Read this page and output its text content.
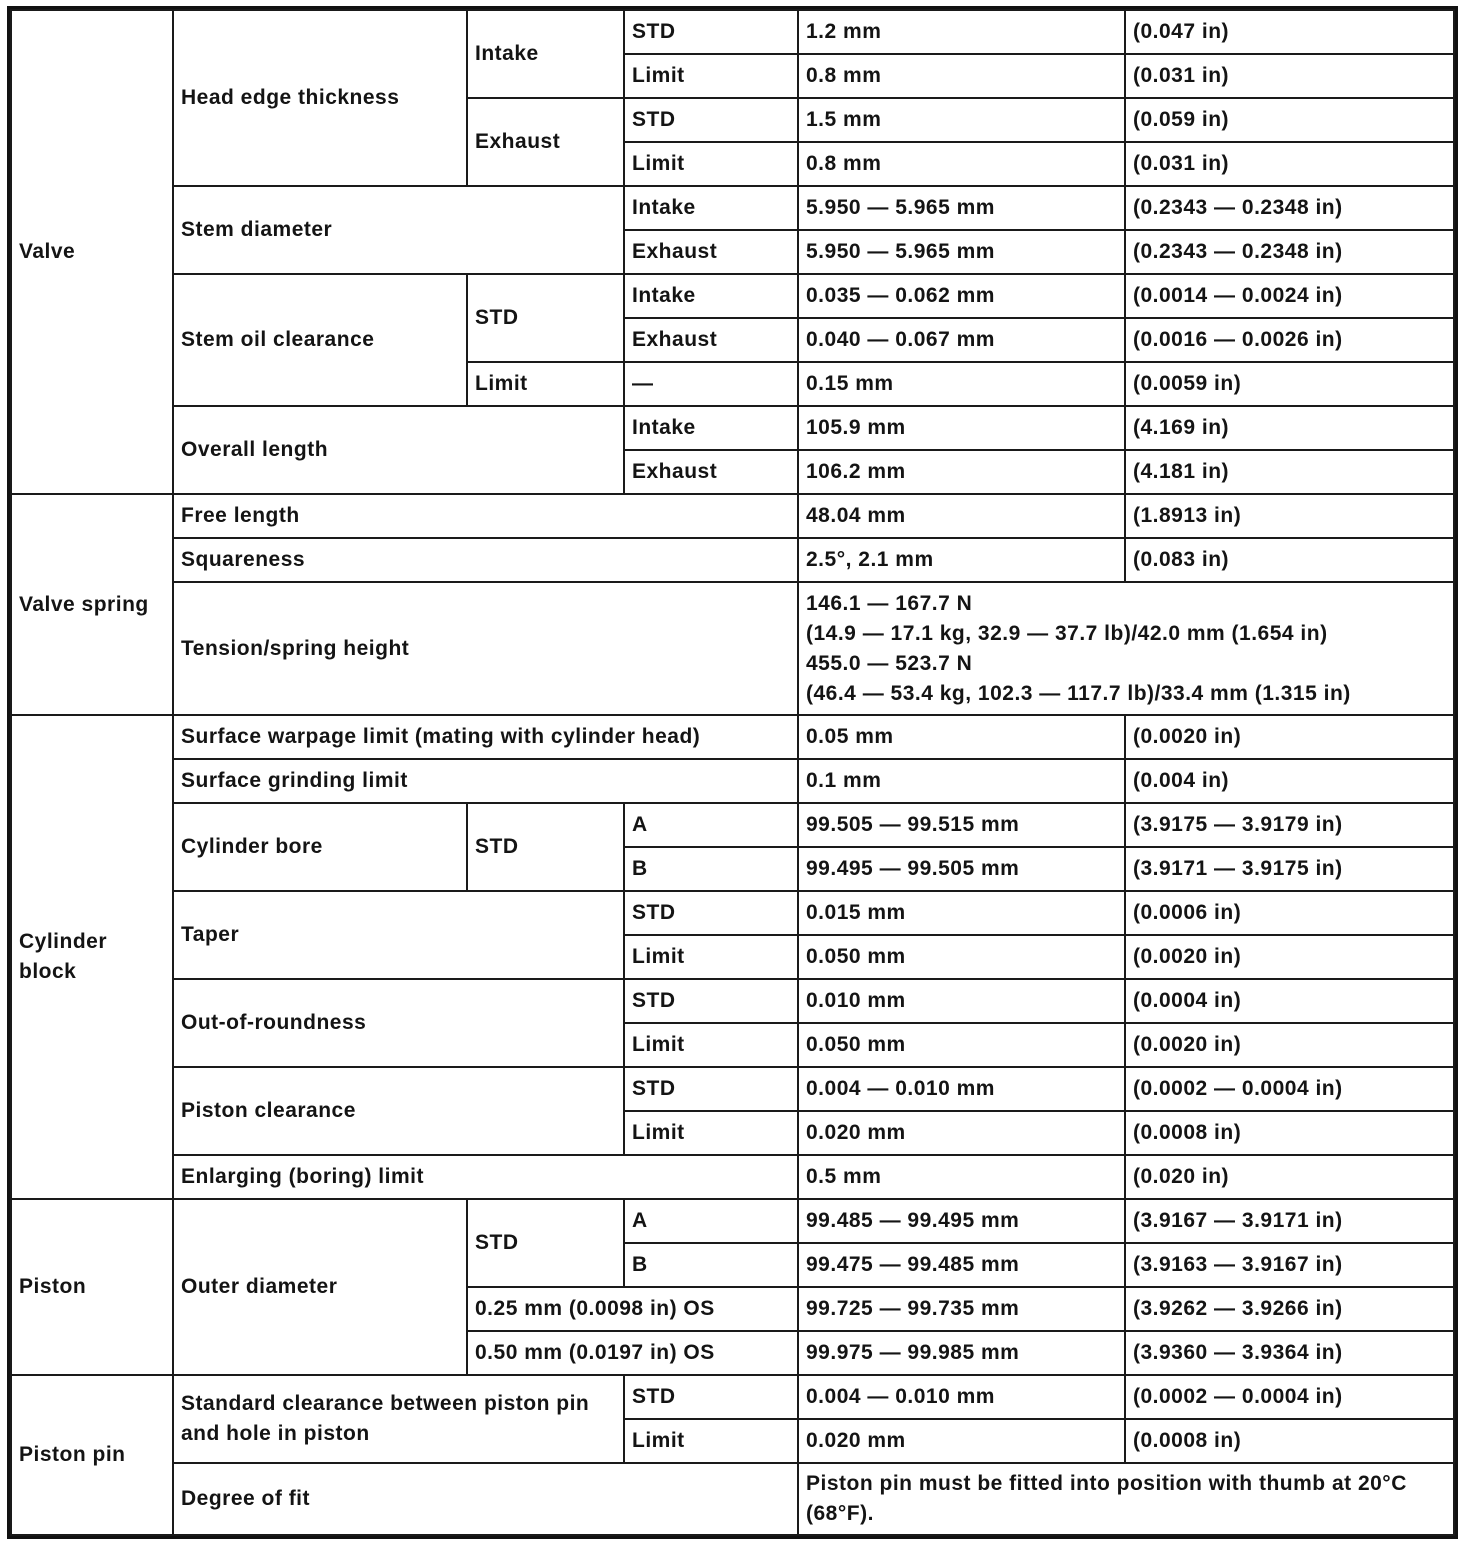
Valve	Head edge thickness	Intake	STD	1.2 mm	(0.047 in)
			Limit	0.8 mm	(0.031 in)
		Exhaust	STD	1.5 mm	(0.059 in)
			Limit	0.8 mm	(0.031 in)
	Stem diameter		Intake	5.950 — 5.965 mm	(0.2343 — 0.2348 in)
			Exhaust	5.950 — 5.965 mm	(0.2343 — 0.2348 in)
	Stem oil clearance	STD	Intake	0.035 — 0.062 mm	(0.0014 — 0.0024 in)
			Exhaust	0.040 — 0.067 mm	(0.0016 — 0.0026 in)
		Limit	—	0.15 mm	(0.0059 in)
	Overall length		Intake	105.9 mm	(4.169 in)
			Exhaust	106.2 mm	(4.181 in)
Valve spring	Free length			48.04 mm	(1.8913 in)
	Squareness			2.5°, 2.1 mm	(0.083 in)
	Tension/spring height			146.1 — 167.7 N
(14.9 — 17.1 kg, 32.9 — 37.7 lb)/42.0 mm (1.654 in)
455.0 — 523.7 N
(46.4 — 53.4 kg, 102.3 — 117.7 lb)/33.4 mm (1.315 in)	

Cylinder block	Surface warpage limit (mating with cylinder head)			0.05 mm	(0.0020 in)
	Surface grinding limit			0.1 mm	(0.004 in)
	Cylinder bore	STD	A	99.505 — 99.515 mm	(3.9175 — 3.9179 in)
			B	99.495 — 99.505 mm	(3.9171 — 3.9175 in)
	Taper		STD	0.015 mm	(0.0006 in)
			Limit	0.050 mm	(0.0020 in)
	Out-of-roundness		STD	0.010 mm	(0.0004 in)
			Limit	0.050 mm	(0.0020 in)
	Piston clearance		STD	0.004 — 0.010 mm	(0.0002 — 0.0004 in)
			Limit	0.020 mm	(0.0008 in)
	Enlarging (boring) limit			0.5 mm	(0.020 in)
Piston	Outer diameter	STD	A	99.485 — 99.495 mm	(3.9167 — 3.9171 in)
			B	99.475 — 99.485 mm	(3.9163 — 3.9167 in)
		0.25 mm (0.0098 in) OS		99.725 — 99.735 mm	(3.9262 — 3.9266 in)
		0.50 mm (0.0197 in) OS		99.975 — 99.985 mm	(3.9360 — 3.9364 in)
Piston pin	Standard clearance between piston pin and hole in piston		STD	0.004 — 0.010 mm	(0.0002 — 0.0004 in)
			Limit	0.020 mm	(0.0008 in)
	Degree of fit			Piston pin must be fitted into position with thumb at 20°C (68°F).	
